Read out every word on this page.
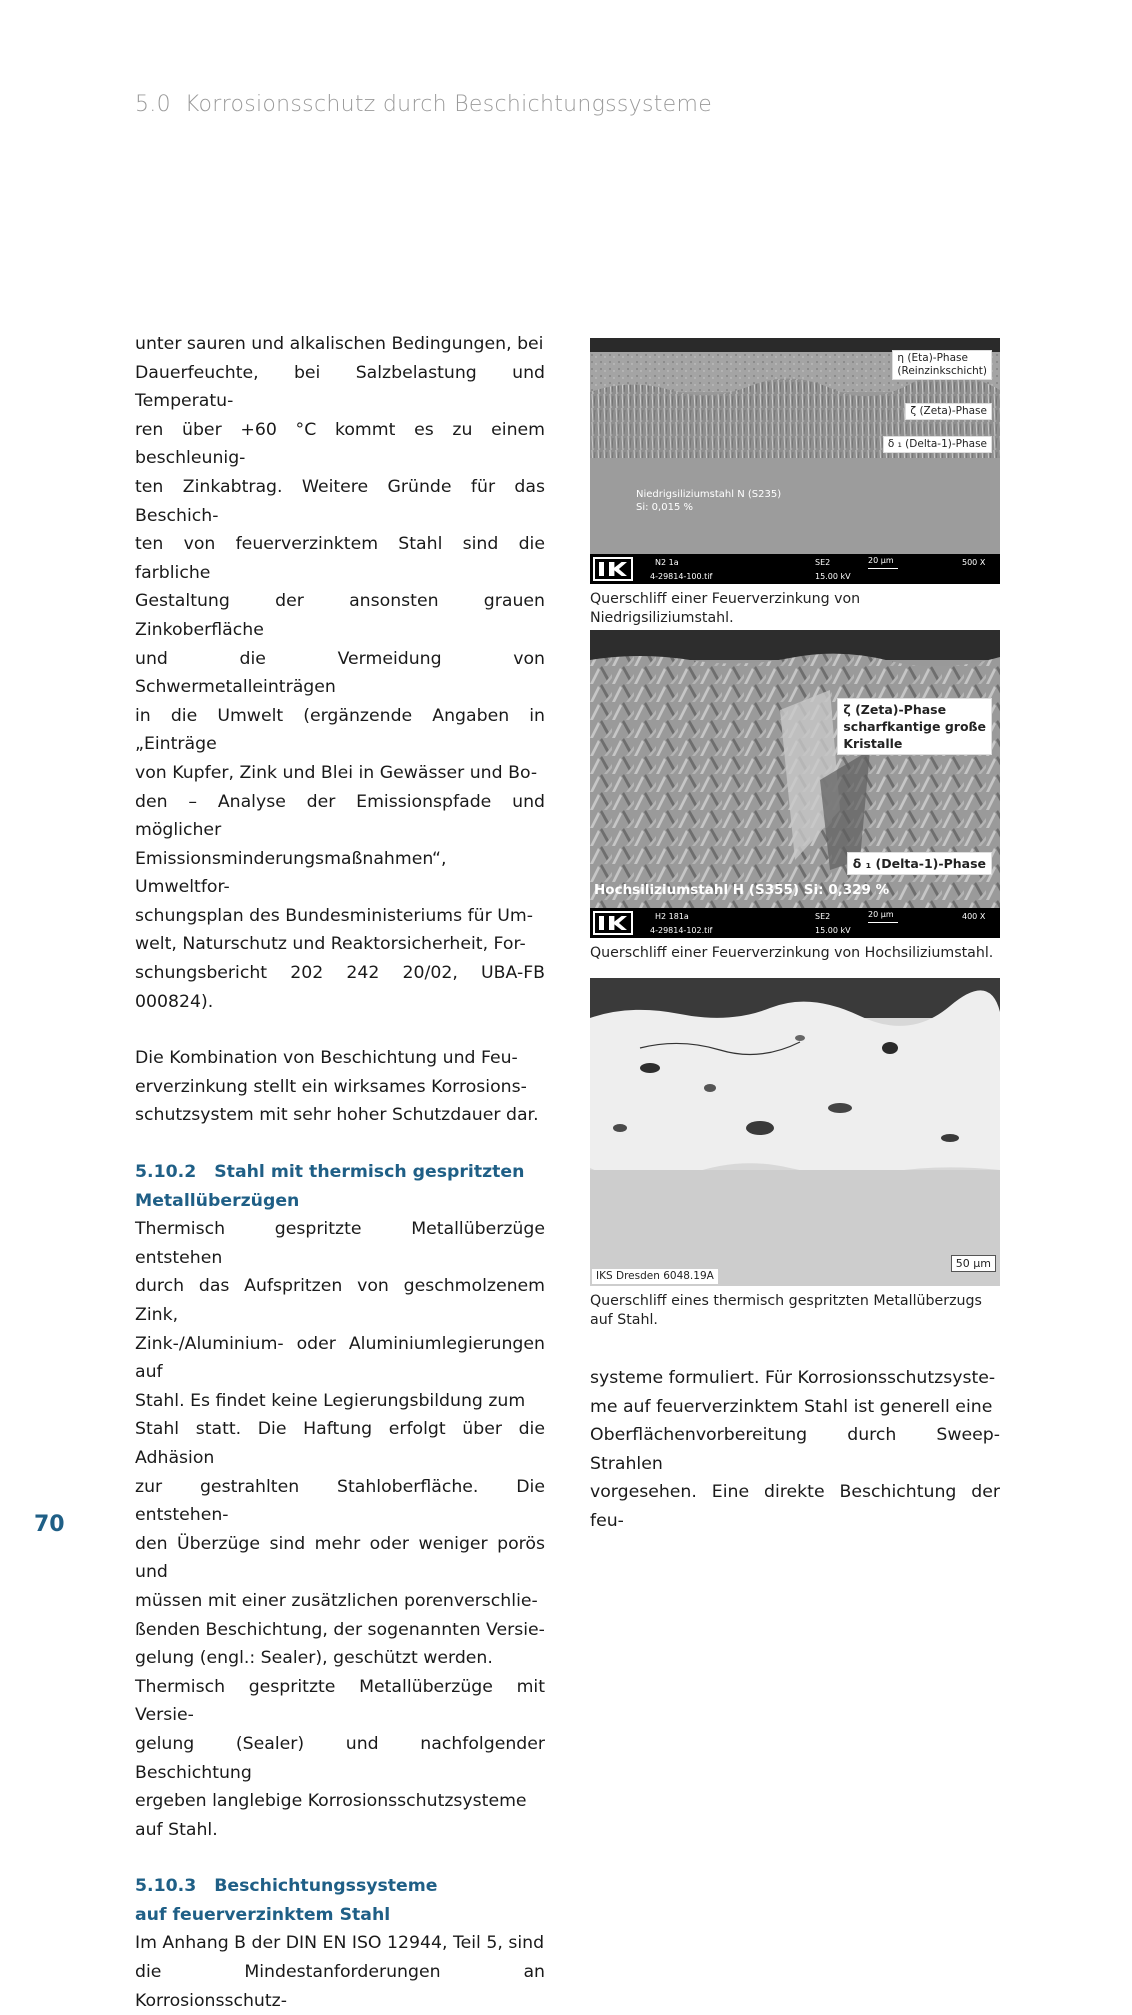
5.0 Korrosionsschutz durch Beschichtungssysteme

unter sauren und alkalischen Bedingungen, bei
Dauerfeuchte, bei Salzbelastung und Temperatu-
ren über +60 °C kommt es zu einem beschleunig-
ten Zinkabtrag. Weitere Gründe für das Beschich-
ten von feuerverzinktem Stahl sind die farbliche
Gestaltung der ansonsten grauen Zinkoberfläche
und die Vermeidung von Schwermetalleinträgen
in die Umwelt (ergänzende Angaben in „Einträge
von Kupfer, Zink und Blei in Gewässer und Bo-
den – Analyse der Emissionspfade und möglicher
Emissionsminderungsmaßnahmen“, Umweltfor-
schungsplan des Bundesministeriums für Um-
welt, Naturschutz und Reaktorsicherheit, For-
schungsbericht 202 242 20/02, UBA-FB 000824).

Die Kombination von Beschichtung und Feu-
erverzinkung stellt ein wirksames Korrosions-
schutzsystem mit sehr hoher Schutzdauer dar.

5.10.2 Stahl mit thermisch gespritzten
Metallüberzügen

Thermisch gespritzte Metallüberzüge entstehen
durch das Aufspritzen von geschmolzenem Zink,
Zink-/Aluminium- oder Aluminiumlegierungen auf
Stahl. Es findet keine Legierungsbildung zum
Stahl statt. Die Haftung erfolgt über die Adhäsion
zur gestrahlten Stahloberfläche. Die entstehen-
den Überzüge sind mehr oder weniger porös und
müssen mit einer zusätzlichen porenverschlie-
ßenden Beschichtung, der sogenannten Versie-
gelung (engl.: Sealer), geschützt werden.
Thermisch gespritzte Metallüberzüge mit Versie-
gelung (Sealer) und nachfolgender Beschichtung
ergeben langlebige Korrosionsschutzsysteme
auf Stahl.

5.10.3 Beschichtungssysteme
auf feuerverzinktem Stahl

Im Anhang B der DIN EN ISO 12944, Teil 5, sind
die Mindestanforderungen an Korrosionsschutz-

η (Eta)-Phase
(Reinzinkschicht)
ζ (Zeta)-Phase
δ ₁ (Delta-1)-Phase
Niedrigsiliziumstahl N (S235)
Si: 0,015 %
N2 1a
4-29814-100.tif
SE2
15.00 kV
20 µm	500 X
Querschliff einer Feuerverzinkung von Niedrigsiliziumstahl.
ζ (Zeta)-Phase
scharfkantige große
Kristalle
δ ₁ (Delta-1)-Phase
Hochsiliziumstahl H (S355) Si: 0,329 %
H2 181a
4-29814-102.tif
SE2
15.00 kV
20 µm	400 X
Querschliff einer Feuerverzinkung von Hochsiliziumstahl.
IKS Dresden 6048.19A
50 µm
Querschliff eines thermisch gespritzten Metallüberzugs
auf Stahl.
systeme formuliert. Für Korrosionsschutzsyste-
me auf feuerverzinktem Stahl ist generell eine
Oberflächenvorbereitung durch Sweep-Strahlen
vorgesehen. Eine direkte Beschichtung der feu-
70
